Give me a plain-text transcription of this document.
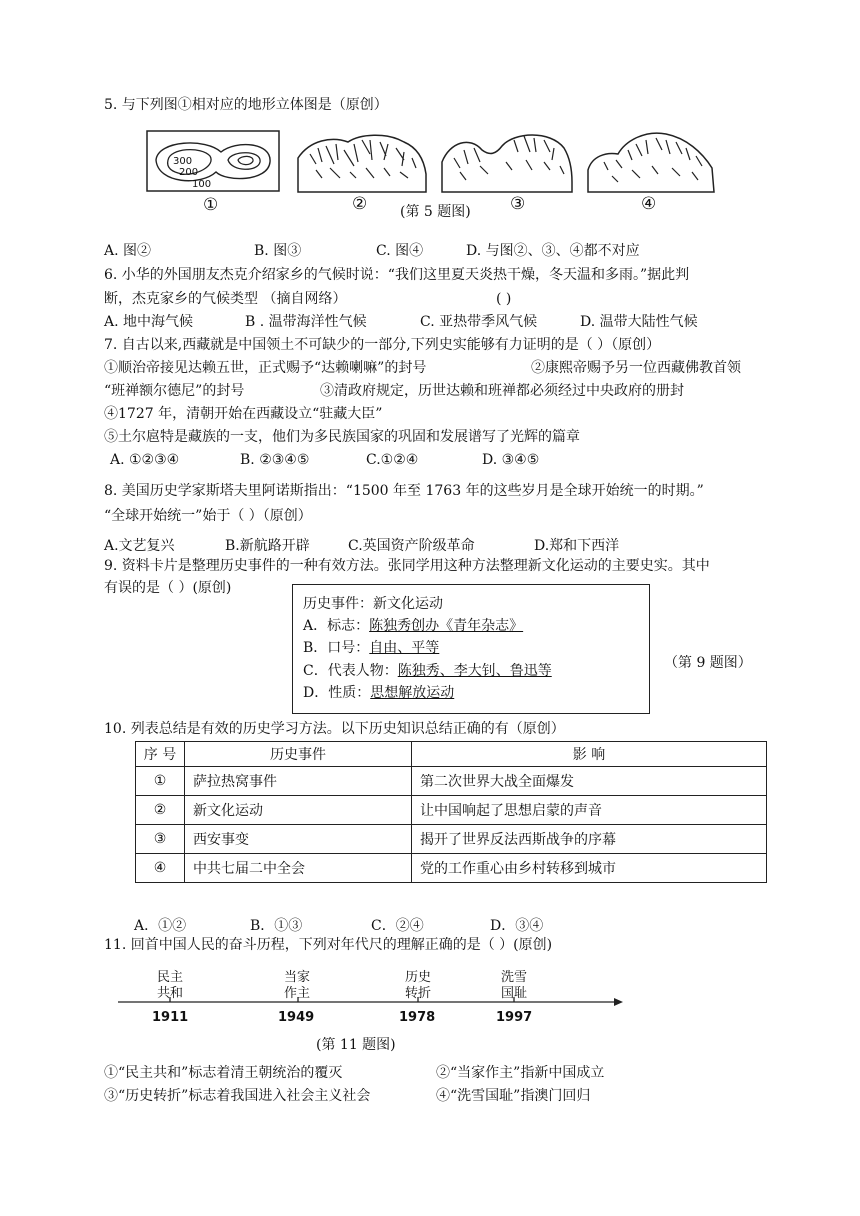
5. 与下列图①相对应的地形立体图是（原创）
300
200
100
①	②	③	④
(第 5 题图)
A. 图②	B. 图③	C. 图④	D. 与图②、③、④都不对应
6. 小华的外国朋友杰克介绍家乡的气候时说：“我们这里夏天炎热干燥，冬天温和多雨。”据此判
断，杰克家乡的气候类型 （摘自网络）	( )
A. 地中海气候	B . 温带海洋性气候	C. 亚热带季风气候	D. 温带大陆性气候
7. 自古以来,西藏就是中国领土不可缺少的一部分,下列史实能够有力证明的是（ ）（原创）
①顺治帝接见达赖五世，正式赐予“达赖喇嘛”的封号	②康熙帝赐予另一位西藏佛教首领
“班禅额尔德尼”的封号	③清政府规定，历世达赖和班禅都必须经过中央政府的册封
④1727 年，清朝开始在西藏设立“驻藏大臣”
⑤土尔扈特是藏族的一支，他们为多民族国家的巩固和发展谱写了光辉的篇章
A. ①②③④	B. ②③④⑤	C.①②④	D. ③④⑤
8. 美国历史学家斯塔夫里阿诺斯指出：“1500 年至 1763 年的这些岁月是全球开始统一的时期。”
“全球开始统一”始于（ ）（原创）
A.文艺复兴	B.新航路开辟	C.英国资产阶级革命	D.郑和下西洋
9. 资料卡片是整理历史事件的一种有效方法。张同学用这种方法整理新文化运动的主要史实。其中
有误的是（ ）(原创)
历史事件：新文化运动
A．标志：陈独秀创办《青年杂志》
B．口号：自由、平等
C．代表人物：陈独秀、李大钊、鲁迅等
D．性质：思想解放运动
（第 9 题图）
10. 列表总结是有效的历史学习方法。以下历史知识总结正确的有（原创）
序 号	历史事件	影 响
①	萨拉热窝事件	第二次世界大战全面爆发
②	新文化运动	让中国响起了思想启蒙的声音
③	西安事变	揭开了世界反法西斯战争的序幕
④	中共七届二中全会	党的工作重心由乡村转移到城市
A．①②	B．①③	C．②④	D．③④
11. 回首中国人民的奋斗历程，下列对年代尺的理解正确的是（ ）(原创)
民主
共和
当家
作主
历史
转折
洗雪
国耻
1911	1949	1978	1997
(第 11 题图)
①“民主共和”标志着清王朝统治的覆灭	②“当家作主”指新中国成立
③“历史转折”标志着我国进入社会主义社会	④“洗雪国耻”指澳门回归
